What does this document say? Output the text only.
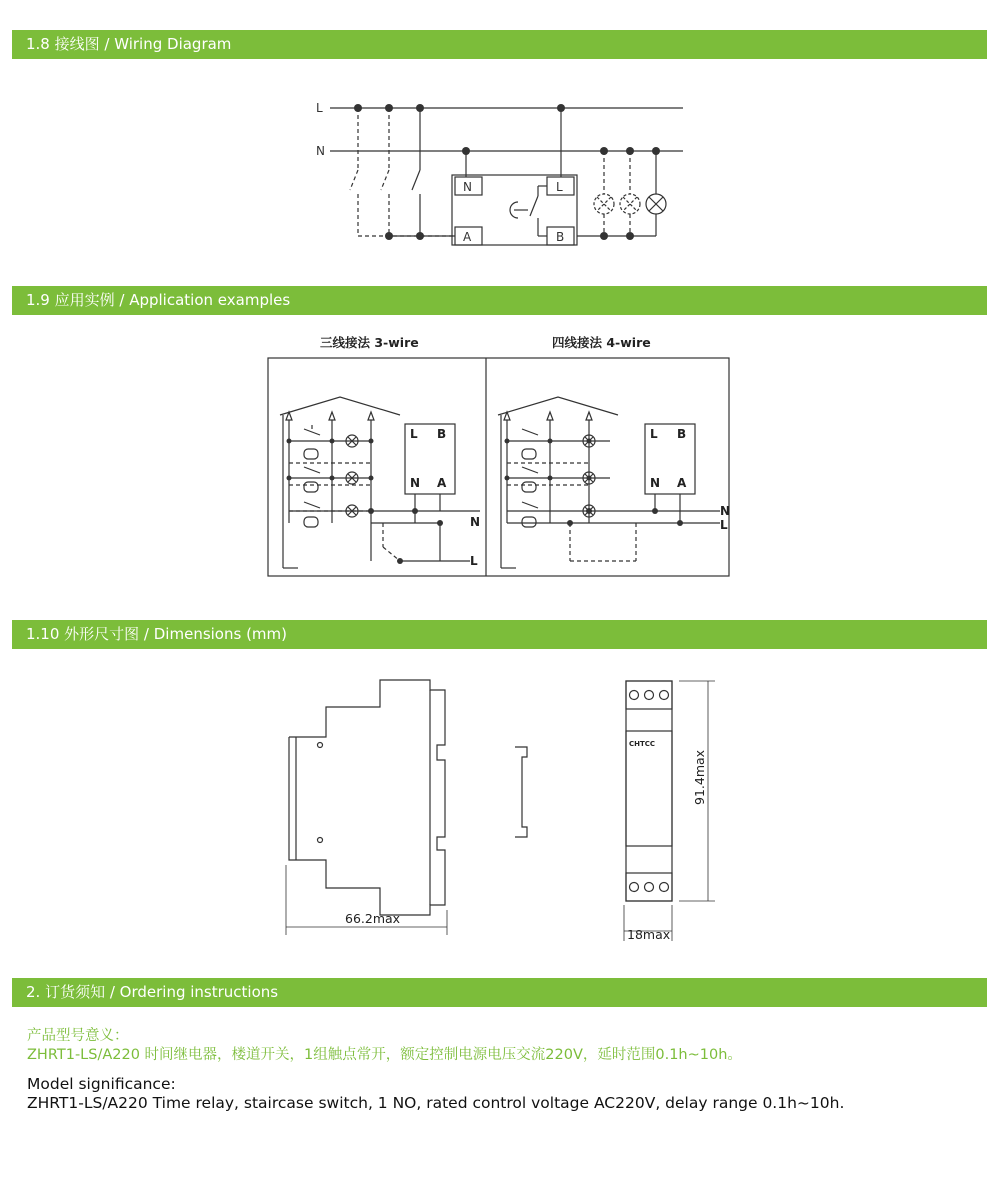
1.8 接线图 / Wiring Diagram
L
N
N	L
A	B
1.9 应用实例 / Application examples
三线接法 3-wire	四线接法 4-wire
L B
N A
N
L
L B
N A
N
L
1.10 外形尺寸图 / Dimensions (mm)
66.2max
18max
91.4max
CHTCC
2. 订货须知 / Ordering instructions
产品型号意义：
ZHRT1-LS/A220 时间继电器，楼道开关，1组触点常开，额定控制电源电压交流220V，延时范围0.1h~10h。
Model significance:
ZHRT1-LS/A220 Time relay, staircase switch, 1 NO, rated control voltage AC220V, delay range 0.1h~10h.
